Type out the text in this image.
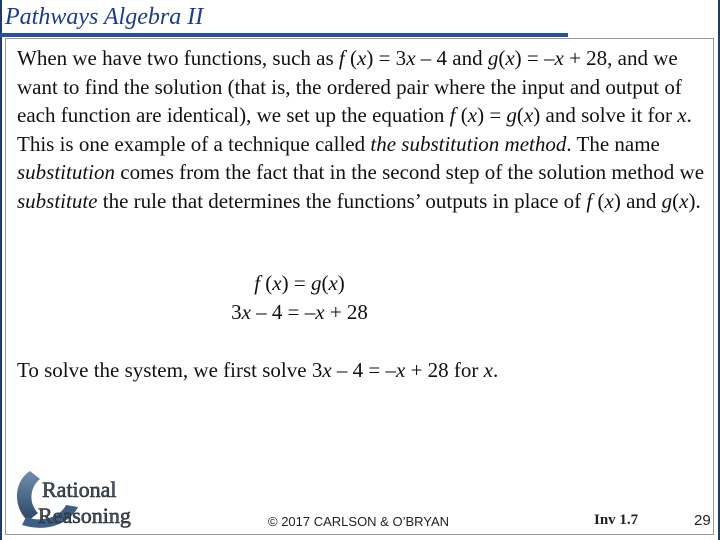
Pathways Algebra II

When we have two functions, such as f (x) = 3x – 4 and g(x) = –x + 28, and we want to find the solution (that is, the ordered pair where the input and output of each function are identical), we set up the equation f (x) = g(x) and solve it for x. This is one example of a technique called the substitution method. The name substitution comes from the fact that in the second step of the solution method we substitute the rule that determines the functions’ outputs in place of f (x) and g(x).

f (x) = g(x)

3x – 4 = –x + 28

To solve the system, we first solve 3x – 4 = –x + 28 for x.

Rational
Reasoning	© 2017 CARLSON & O’BRYAN	Inv 1.7	29
